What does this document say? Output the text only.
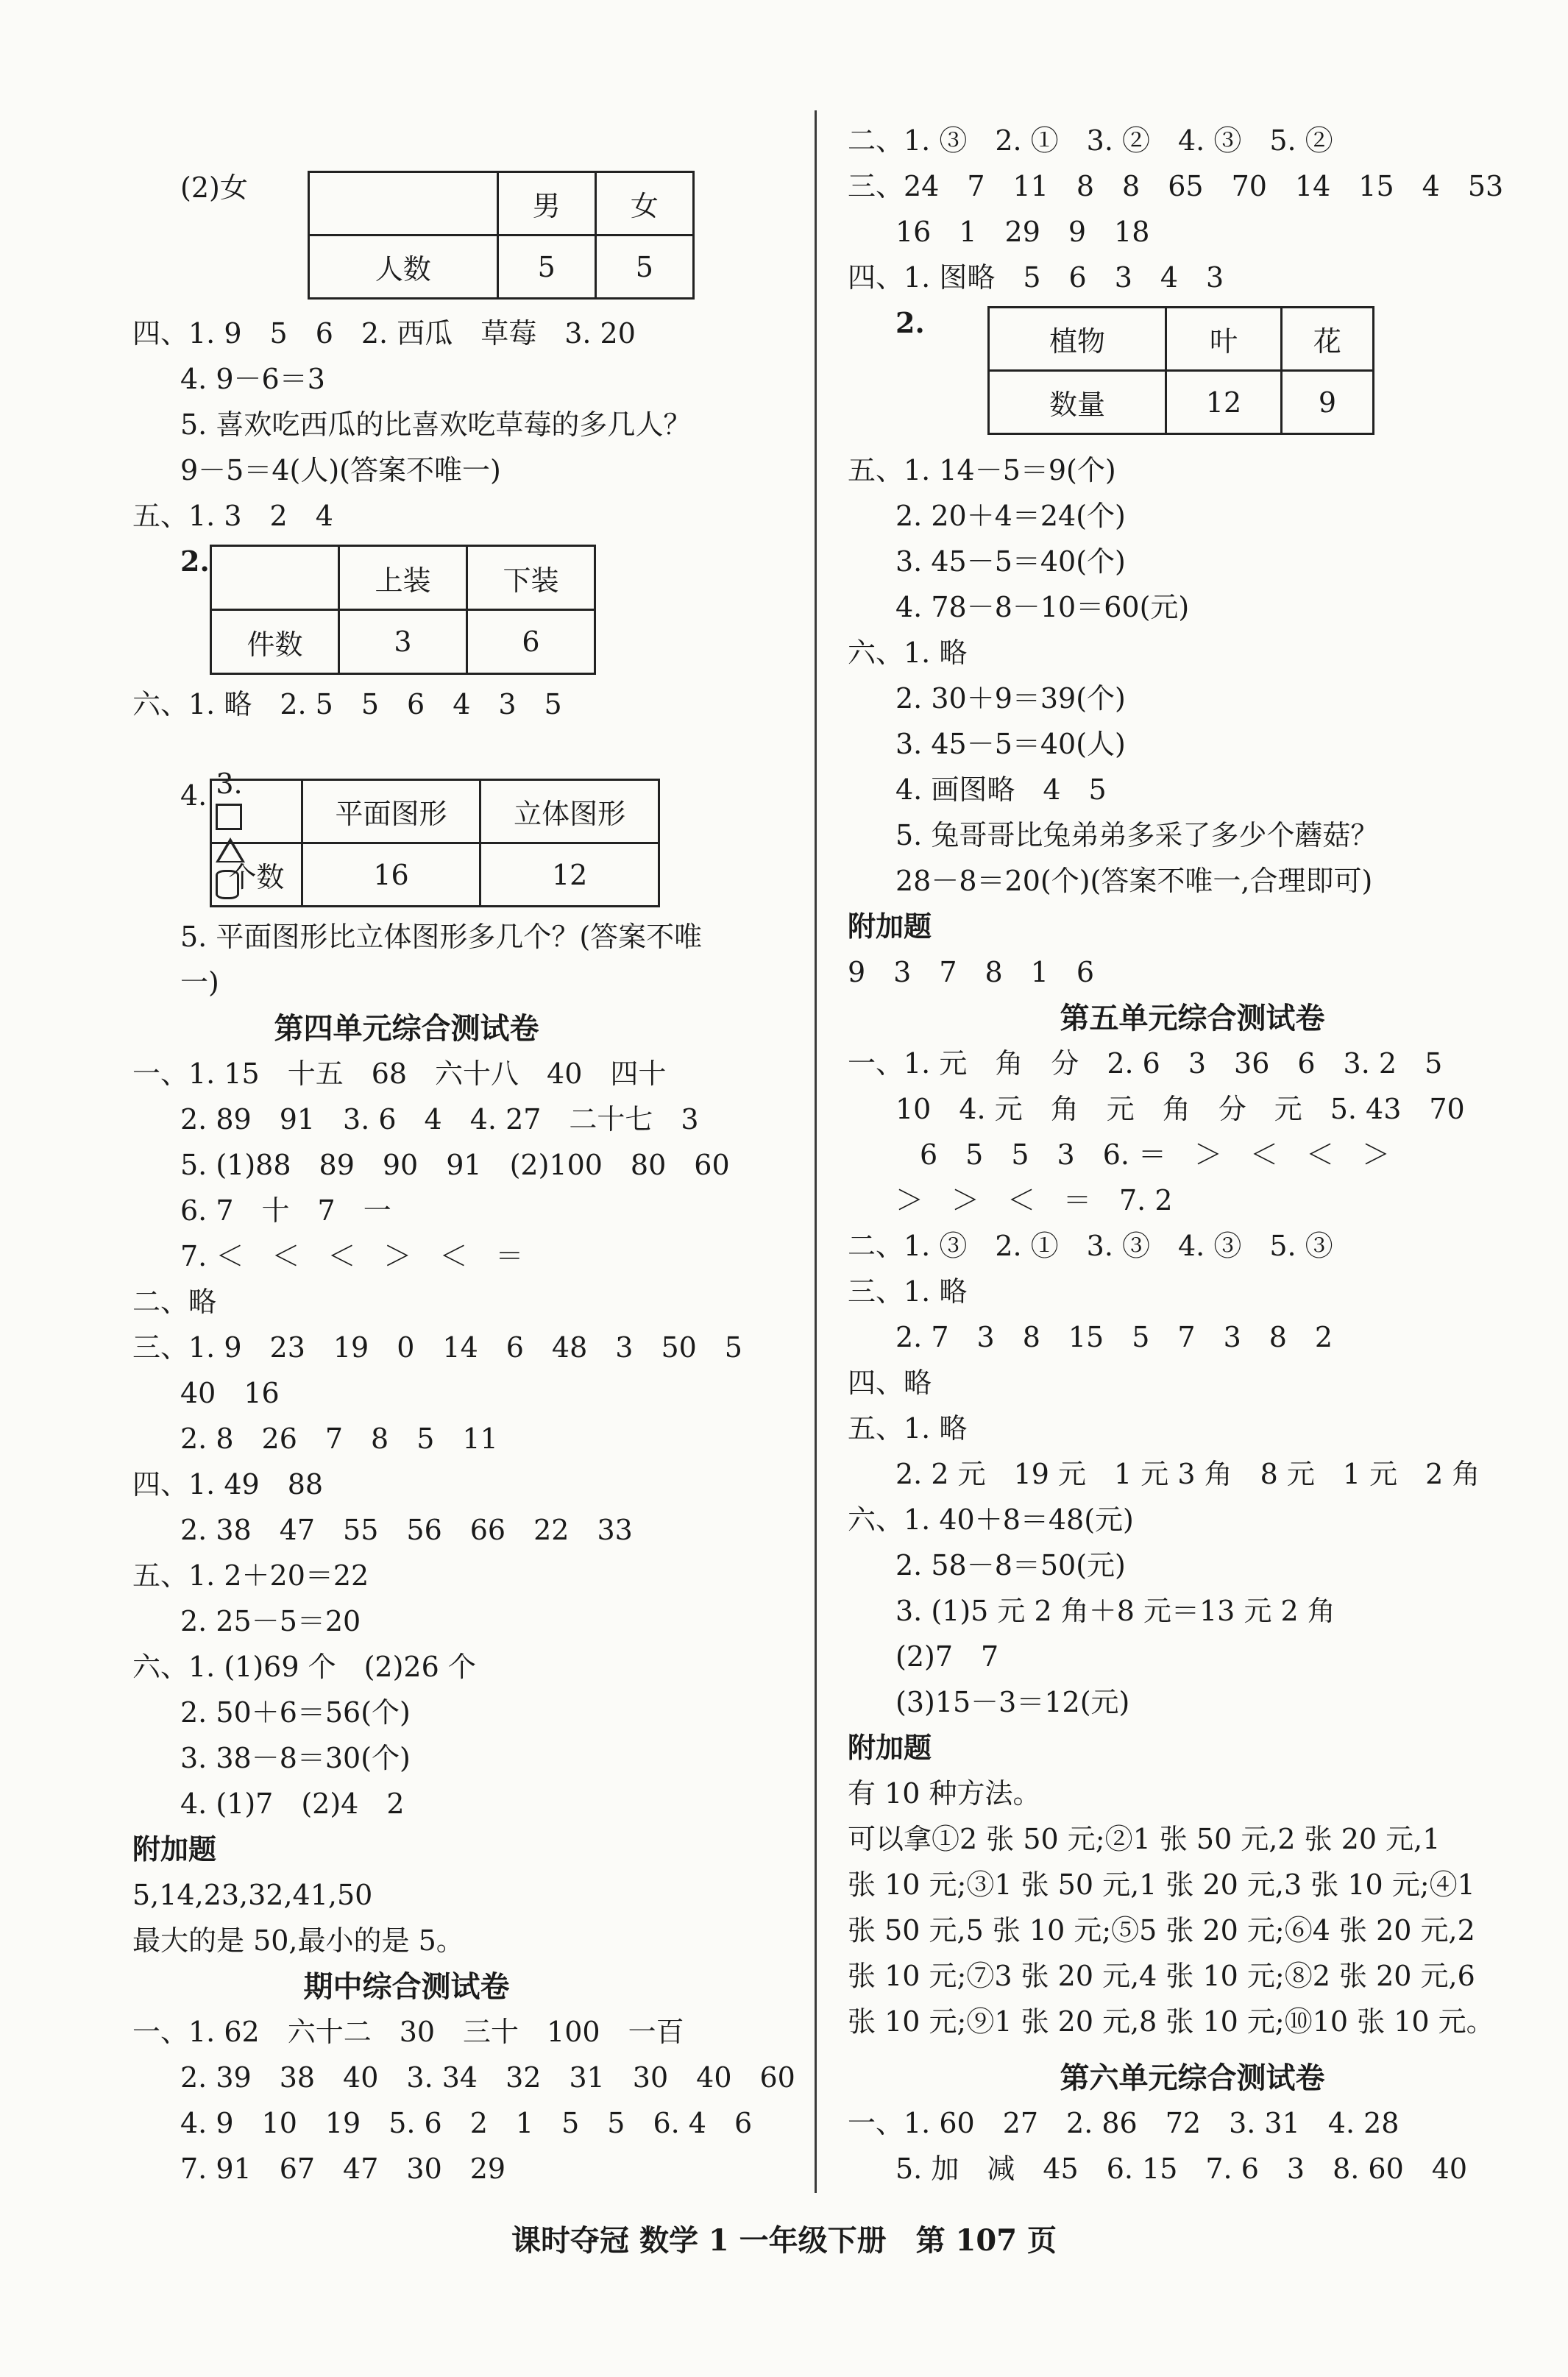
(2)女
	男	女
人数	5	5
四、1. 9　5　6　2. 西瓜　草莓　3. 20
4. 9－6＝3
5. 喜欢吃西瓜的比喜欢吃草莓的多几人？
9－5＝4(人)(答案不唯一)
五、1. 3　2　4
2.
	上装	下装
件数	3	6
六、1. 略　2. 5　5　6　4　3　5

3.

4.
	平面图形	立体图形
个数	16	12
5. 平面图形比立体图形多几个？(答案不唯
一)
第四单元综合测试卷
一、1. 15　十五　68　六十八　40　四十
2. 89　91　3. 6　4　4. 27　二十七　3
5. (1)88　89　90　91　(2)100　80　60
6. 7　十　7　一
7. ＜　＜　＜　＞　＜　＝
二、略
三、1. 9　23　19　0　14　6　48　3　50　5
40　16
2. 8　26　7　8　5　11
四、1. 49　88
2. 38　47　55　56　66　22　33
五、1. 2＋20＝22
2. 25－5＝20
六、1. (1)69 个　(2)26 个
2. 50＋6＝56(个)
3. 38－8＝30(个)
4. (1)7　(2)4　2
附加题
5,14,23,32,41,50
最大的是 50,最小的是 5。
期中综合测试卷
一、1. 62　六十二　30　三十　100　一百
2. 39　38　40　3. 34　32　31　30　40　60
4. 9　10　19　5. 6　2　1　5　5　6. 4　6
7. 91　67　47　30　29
二、1. ③　2. ①　3. ②　4. ③　5. ②
三、24　7　11　8　8　65　70　14　15　4　53
16　1　29　9　18
四、1. 图略　5　6　3　4　3
2.
植物	叶	花
数量	12	9
五、1. 14－5＝9(个)
2. 20＋4＝24(个)
3. 45－5＝40(个)
4. 78－8－10＝60(元)
六、1. 略
2. 30＋9＝39(个)
3. 45－5＝40(人)
4. 画图略　4　5
5. 兔哥哥比兔弟弟多采了多少个蘑菇？
28－8＝20(个)(答案不唯一,合理即可)
附加题
9　3　7　8　1　6
第五单元综合测试卷
一、1. 元　角　分　2. 6　3　36　6　3. 2　5
10　4. 元　角　元　角　分　元　5. 43　70
6　5　5　3　6. ＝　＞　＜　＜　＞
＞　＞　＜　＝　7. 2
二、1. ③　2. ①　3. ③　4. ③　5. ③
三、1. 略
2. 7　3　8　15　5　7　3　8　2
四、略
五、1. 略
2. 2 元　19 元　1 元 3 角　8 元　1 元　2 角
六、1. 40＋8＝48(元)
2. 58－8＝50(元)
3. (1)5 元 2 角＋8 元＝13 元 2 角
(2)7　7
(3)15－3＝12(元)
附加题
有 10 种方法。
可以拿①2 张 50 元;②1 张 50 元,2 张 20 元,1
张 10 元;③1 张 50 元,1 张 20 元,3 张 10 元;④1
张 50 元,5 张 10 元;⑤5 张 20 元;⑥4 张 20 元,2
张 10 元;⑦3 张 20 元,4 张 10 元;⑧2 张 20 元,6
张 10 元;⑨1 张 20 元,8 张 10 元;⑩10 张 10 元。
第六单元综合测试卷
一、1. 60　27　2. 86　72　3. 31　4. 28
5. 加　减　45　6. 15　7. 6　3　8. 60　40
课时夺冠 数学 1 一年级下册　第 107 页
